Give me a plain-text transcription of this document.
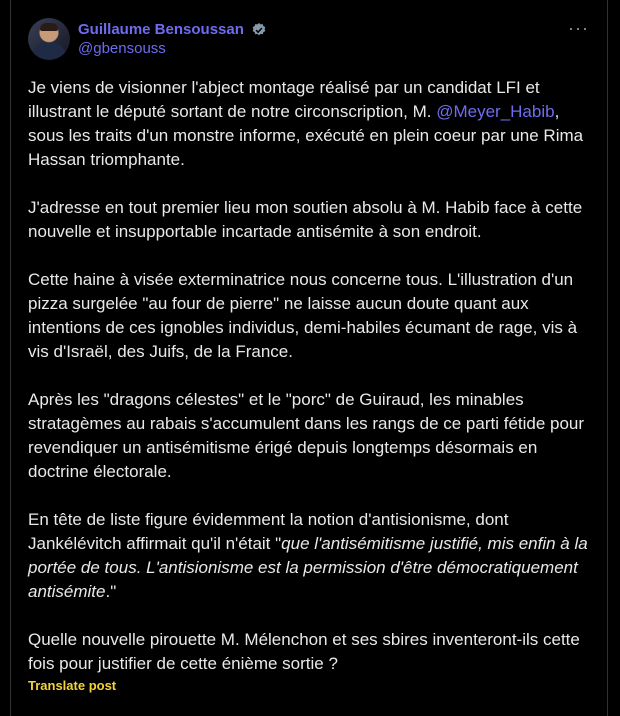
Guillaume Bensoussan
@gbensouss
···

Je viens de visionner l'abject montage réalisé par un candidat LFI et illustrant le député sortant de notre circonscription, M. @Meyer_Habib, sous les traits d'un monstre informe, exécuté en plein coeur par une Rima Hassan triomphante.

J'adresse en tout premier lieu mon soutien absolu à M. Habib face à cette nouvelle et insupportable incartade antisémite à son endroit.

Cette haine à visée exterminatrice nous concerne tous. L'illustration d'un pizza surgelée "au four de pierre" ne laisse aucun doute quant aux intentions de ces ignobles individus, demi-habiles écumant de rage, vis à vis d'Israël, des Juifs, de la France.

Après les "dragons célestes" et le "porc" de Guiraud, les minables stratagèmes au rabais s'accumulent dans les rangs de ce parti fétide pour revendiquer un antisémitisme érigé depuis longtemps désormais en doctrine électorale.

En tête de liste figure évidemment la notion d'antisionisme, dont Jankélévitch affirmait qu'il n'était "que l'antisémitisme justifié, mis enfin à la portée de tous. L'antisionisme est la permission d'être démocratiquement antisémite."

Quelle nouvelle pirouette M. Mélenchon et ses sbires inventeront-ils cette fois pour justifier de cette énième sortie ?

Translate post
